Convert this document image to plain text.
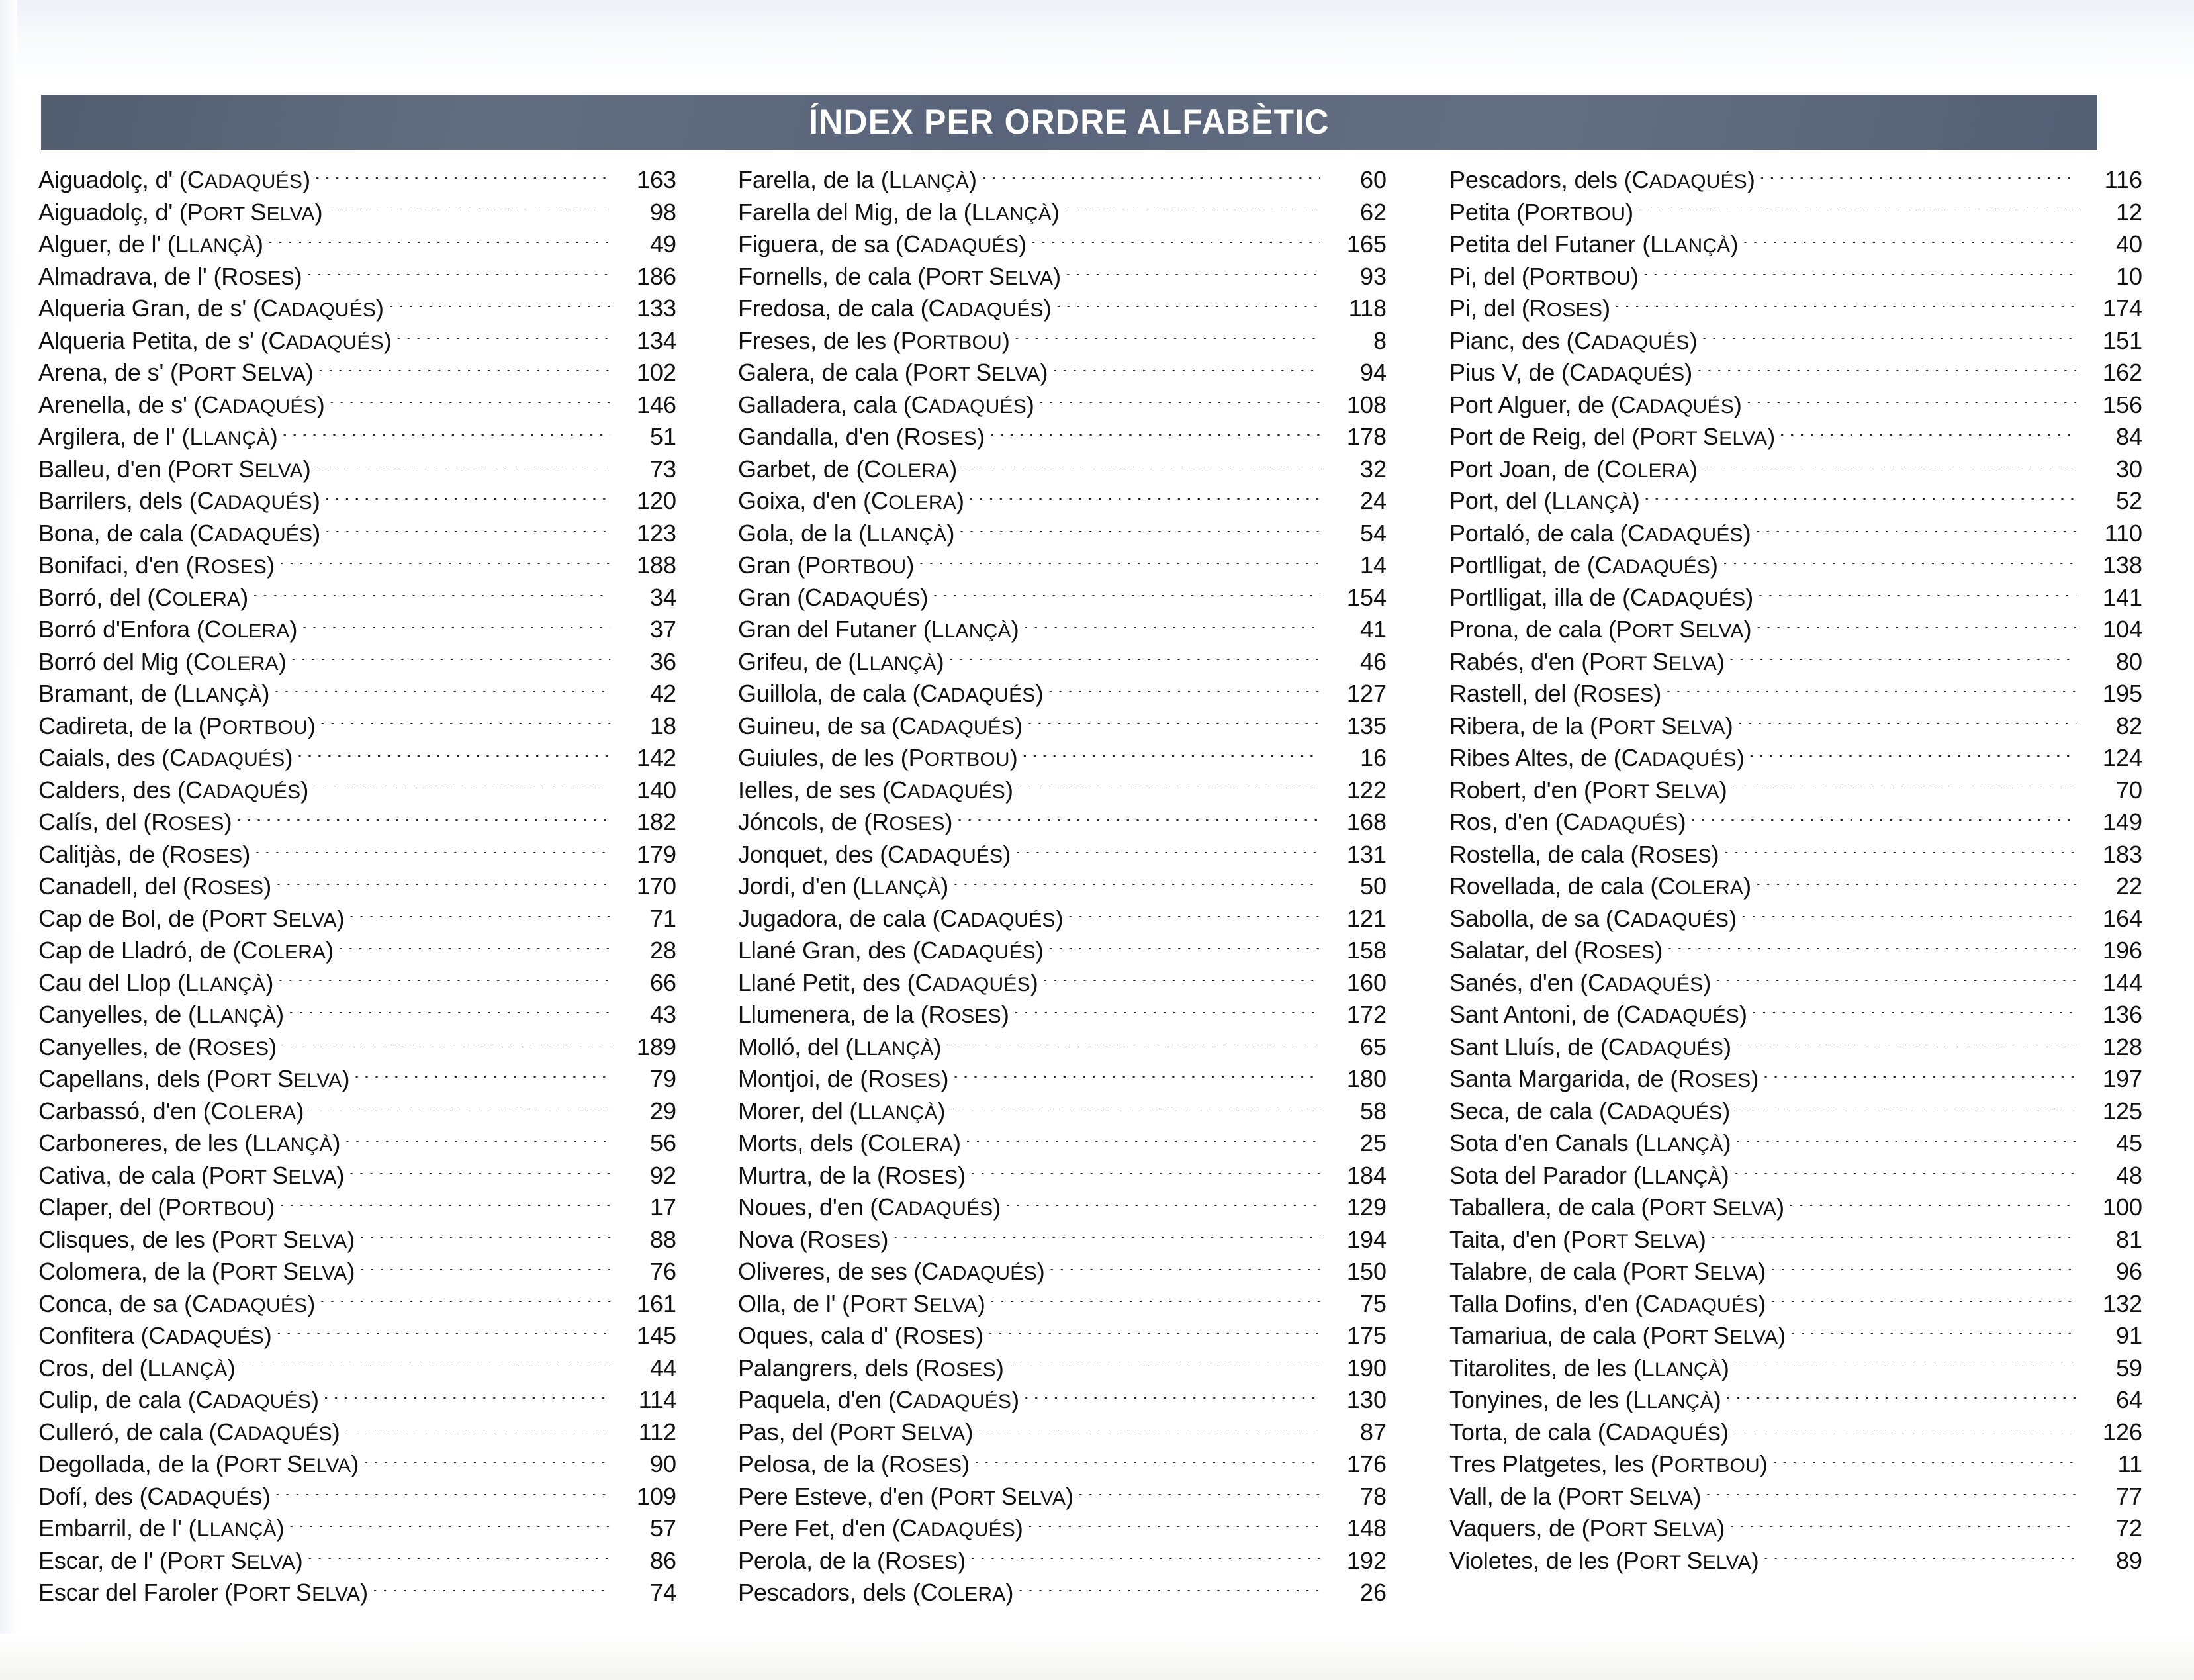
ÍNDEX PER ORDRE ALFABÈTIC
Aiguadolç, d' (CADAQUÉS) .....	163
Aiguadolç, d' (PORT SELVA) .....	98
Alguer, de l' (LLANÇÀ) .....	49
Almadrava, de l' (ROSES) .....	186
Alqueria Gran, de s' (CADAQUÉS) .....	133
Alqueria Petita, de s' (CADAQUÉS) .....	134
Arena, de s' (PORT SELVA) .....	102
Arenella, de s' (CADAQUÉS) .....	146
Argilera, de l' (LLANÇÀ) .....	51
Balleu, d'en (PORT SELVA) .....	73
Barrilers, dels (CADAQUÉS) .....	120
Bona, de cala (CADAQUÉS) .....	123
Bonifaci, d'en (ROSES) .....	188
Borró, del (COLERA) .....	34
Borró d'Enfora (COLERA) .....	37
Borró del Mig (COLERA) .....	36
Bramant, de (LLANÇÀ) .....	42
Cadireta, de la (PORTBOU) .....	18
Caials, des (CADAQUÉS) .....	142
Calders, des (CADAQUÉS) .....	140
Calís, del (ROSES) .....	182
Calitjàs, de (ROSES) .....	179
Canadell, del (ROSES) .....	170
Cap de Bol, de (PORT SELVA) .....	71
Cap de Lladró, de (COLERA) .....	28
Cau del Llop (LLANÇÀ) .....	66
Canyelles, de (LLANÇÀ) .....	43
Canyelles, de (ROSES) .....	189
Capellans, dels (PORT SELVA) .....	79
Carbassó, d'en (COLERA) .....	29
Carboneres, de les (LLANÇÀ) .....	56
Cativa, de cala (PORT SELVA) .....	92
Claper, del (PORTBOU) .....	17
Clisques, de les (PORT SELVA) .....	88
Colomera, de la (PORT SELVA) .....	76
Conca, de sa (CADAQUÉS) .....	161
Confitera (CADAQUÉS) .....	145
Cros, del (LLANÇÀ) .....	44
Culip, de cala (CADAQUÉS) .....	114
Culleró, de cala (CADAQUÉS) .....	112
Degollada, de la (PORT SELVA) .....	90
Dofí, des (CADAQUÉS) .....	109
Embarril, de l' (LLANÇÀ) .....	57
Escar, de l' (PORT SELVA) .....	86
Escar del Faroler (PORT SELVA) .....	74
Farella, de la (LLANÇÀ) .....	60
Farella del Mig, de la (LLANÇÀ) .....	62
Figuera, de sa (CADAQUÉS) .....	165
Fornells, de cala (PORT SELVA) .....	93
Fredosa, de cala (CADAQUÉS) .....	118
Freses, de les (PORTBOU) .....	8
Galera, de cala (PORT SELVA) .....	94
Galladera, cala (CADAQUÉS) .....	108
Gandalla, d'en (ROSES) .....	178
Garbet, de (COLERA) .....	32
Goixa, d'en (COLERA) .....	24
Gola, de la (LLANÇÀ) .....	54
Gran (PORTBOU) .....	14
Gran (CADAQUÉS) .....	154
Gran del Futaner (LLANÇÀ) .....	41
Grifeu, de (LLANÇÀ) .....	46
Guillola, de cala (CADAQUÉS) .....	127
Guineu, de sa (CADAQUÉS) .....	135
Guiules, de les (PORTBOU) .....	16
Ielles, de ses (CADAQUÉS) .....	122
Jóncols, de (ROSES) .....	168
Jonquet, des (CADAQUÉS) .....	131
Jordi, d'en (LLANÇÀ) .....	50
Jugadora, de cala (CADAQUÉS) .....	121
Llané Gran, des (CADAQUÉS) .....	158
Llané Petit, des (CADAQUÉS) .....	160
Llumenera, de la (ROSES) .....	172
Molló, del (LLANÇÀ) .....	65
Montjoi, de (ROSES) .....	180
Morer, del (LLANÇÀ) .....	58
Morts, dels (COLERA) .....	25
Murtra, de la (ROSES) .....	184
Noues, d'en (CADAQUÉS) .....	129
Nova (ROSES) .....	194
Oliveres, de ses (CADAQUÉS) .....	150
Olla, de l' (PORT SELVA) .....	75
Oques, cala d' (ROSES) .....	175
Palangrers, dels (ROSES) .....	190
Paquela, d'en (CADAQUÉS) .....	130
Pas, del (PORT SELVA) .....	87
Pelosa, de la (ROSES) .....	176
Pere Esteve, d'en (PORT SELVA) .....	78
Pere Fet, d'en (CADAQUÉS) .....	148
Perola, de la (ROSES) .....	192
Pescadors, dels (COLERA) .....	26
Pescadors, dels (CADAQUÉS) .....	116
Petita (PORTBOU) .....	12
Petita del Futaner (LLANÇÀ) .....	40
Pi, del (PORTBOU) .....	10
Pi, del (ROSES) .....	174
Pianc, des (CADAQUÉS) .....	151
Pius V, de (CADAQUÉS) .....	162
Port Alguer, de (CADAQUÉS) .....	156
Port de Reig, del (PORT SELVA) .....	84
Port Joan, de (COLERA) .....	30
Port, del (LLANÇÀ) .....	52
Portaló, de cala (CADAQUÉS) .....	110
Portlligat, de (CADAQUÉS) .....	138
Portlligat, illa de (CADAQUÉS) .....	141
Prona, de cala (PORT SELVA) .....	104
Rabés, d'en (PORT SELVA) .....	80
Rastell, del (ROSES) .....	195
Ribera, de la (PORT SELVA) .....	82
Ribes Altes, de (CADAQUÉS) .....	124
Robert, d'en (PORT SELVA) .....	70
Ros, d'en (CADAQUÉS) .....	149
Rostella, de cala (ROSES) .....	183
Rovellada, de cala (COLERA) .....	22
Sabolla, de sa (CADAQUÉS) .....	164
Salatar, del (ROSES) .....	196
Sanés, d'en (CADAQUÉS) .....	144
Sant Antoni, de (CADAQUÉS) .....	136
Sant Lluís, de (CADAQUÉS) .....	128
Santa Margarida, de (ROSES) .....	197
Seca, de cala (CADAQUÉS) .....	125
Sota d'en Canals (LLANÇÀ) .....	45
Sota del Parador (LLANÇÀ) .....	48
Taballera, de cala (PORT SELVA) .....	100
Taita, d'en (PORT SELVA) .....	81
Talabre, de cala (PORT SELVA) .....	96
Talla Dofins, d'en (CADAQUÉS) .....	132
Tamariua, de cala (PORT SELVA) .....	91
Titarolites, de les (LLANÇÀ) .....	59
Tonyines, de les (LLANÇÀ) .....	64
Torta, de cala (CADAQUÉS) .....	126
Tres Platgetes, les (PORTBOU) .....	11
Vall, de la (PORT SELVA) .....	77
Vaquers, de (PORT SELVA) .....	72
Violetes, de les (PORT SELVA) .....	89
